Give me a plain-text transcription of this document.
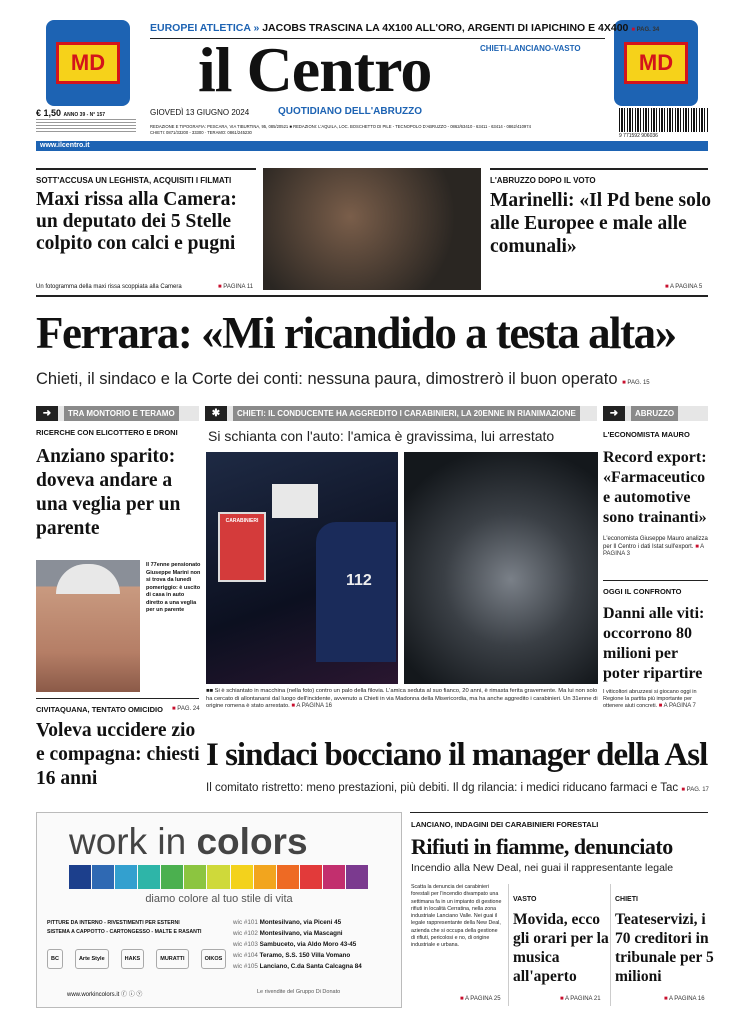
MD	MD
EUROPEI ATLETICA » JACOBS TRASCINA LA 4X100 ALL'ORO, ARGENTI DI IAPICHINO E 4X400 ■ PAG. 34
il Centro	CHIETI-LANCIANO-VASTO
GIOVEDÌ 13 GIUGNO 2024	QUOTIDIANO DELL'ABRUZZO
€ 1,50 ANNO 39 - N° 157
REDAZIONE E TIPOGRAFIA: PESCARA, VIA TIBURTINA, 95, 085/20521 ■ REDAZIONI: L'AQUILA, LOC. BOSCHETTO DI PILE - TECNOPOLO D'ABRUZZO - 0862/63410 - 63411 - 63414 - 0862/410974
CHIETI: 0871/33200 - 33300 · TERAMO: 0861/245230
9 771592 906036
www.ilcentro.it
SOTT'ACCUSA UN LEGHISTA, ACQUISITI I FILMATI
Maxi rissa alla Camera: un deputato dei 5 Stelle colpito con calci e pugni
Un fotogramma della maxi rissa scoppiata alla Camera	■ PAGINA 11
L'ABRUZZO DOPO IL VOTO
Marinelli: «Il Pd bene solo alle Europee e male alle comunali»
■ A PAGINA 5
Ferrara: «Mi ricandido a testa alta»
Chieti, il sindaco e la Corte dei conti: nessuna paura, dimostrerò il buon operato ■ PAG. 15
➜	TRA MONTORIO E TERAMO
RICERCHE CON ELICOTTERO E DRONI
Anziano sparito: doveva andare a una veglia per un parente
Il 77enne pensionato Giuseppe Marini non si trova da lunedì pomeriggio: è uscito di casa in auto diretto a una veglia per un parente
CIVITAQUANA, TENTATO OMICIDIO	■ PAG. 24
Voleva uccidere zio e compagna: chiesti 16 anni
✱	CHIETI: IL CONDUCENTE HA AGGREDITO I CARABINIERI, LA 20ENNE IN RIANIMAZIONE
Si schianta con l'auto: l'amica è gravissima, lui arrestato
CARABINIERI
112
■■ Si è schiantato in macchina (nella foto) contro un palo della filovia. L'amica seduta al suo fianco, 20 anni, è rimasta ferita gravemente. Ma lui non solo ha cercato di allontanarsi dal luogo dell'incidente, avvenuto a Chieti in via Madonna della Misericordia, ma ha anche aggredito i carabinieri. Un 31enne di origine romena è stato arrestato. ■ A PAGINA 16
➜	ABRUZZO
L'ECONOMISTA MAURO
Record export: «Farmaceutico e automotive sono trainanti»
L'economista Giuseppe Mauro analizza per Il Centro i dati Istat sull'export. ■ A PAGINA 3
OGGI IL CONFRONTO
Danni alle viti: occorrono 80 milioni per poter ripartire
I viticoltori abruzzesi si giocano oggi in Regione la partita più importante per ottenere aiuti concreti. ■ A PAGINA 7
I sindaci bocciano il manager della Asl
Il comitato ristretto: meno prestazioni, più debiti. Il dg rilancia: i medici riducano farmaci e Tac ■ PAG. 17
work in colors
diamo colore al tuo stile di vita
PITTURE DA INTERNO - RIVESTIMENTI PER ESTERNI
SISTEMA A CAPPOTTO - CARTONGESSO - MALTE E RASANTI
wic #101 Montesilvano, via Piceni 45
wic #102 Montesilvano, via Mascagni
wic #103 Sambuceto, via Aldo Moro 43-45
wic #104 Teramo, S.S. 150 Villa Vomano
wic #105 Lanciano, C.da Santa Calcagna 84
BC	Arte Style	HAKS	MURATTI	OIKOS
www.workincolors.it ⓕ ⓘ ⓨ	Le rivendite del Gruppo Di Donato
LANCIANO, INDAGINI DEI CARABINIERI FORESTALI
Rifiuti in fiamme, denunciato
Incendio alla New Deal, nei guai il rappresentante legale
Scatta la denuncia dei carabinieri forestali per l'incendio divampato una settimana fa in un impianto di gestione rifiuti in località Cerratina, nella zona industriale Lanciano Valle. Nei guai il legale rappresentante della New Deal, azienda che si occupa della gestione di rifiuti, pericolosi e no, di origine industriale e urbana.
■ A PAGINA 25
VASTO
Movida, ecco gli orari per la musica all'aperto
■ A PAGINA 21
CHIETI
Teateservizi, i 70 creditori in tribunale per 5 milioni
■ A PAGINA 16
